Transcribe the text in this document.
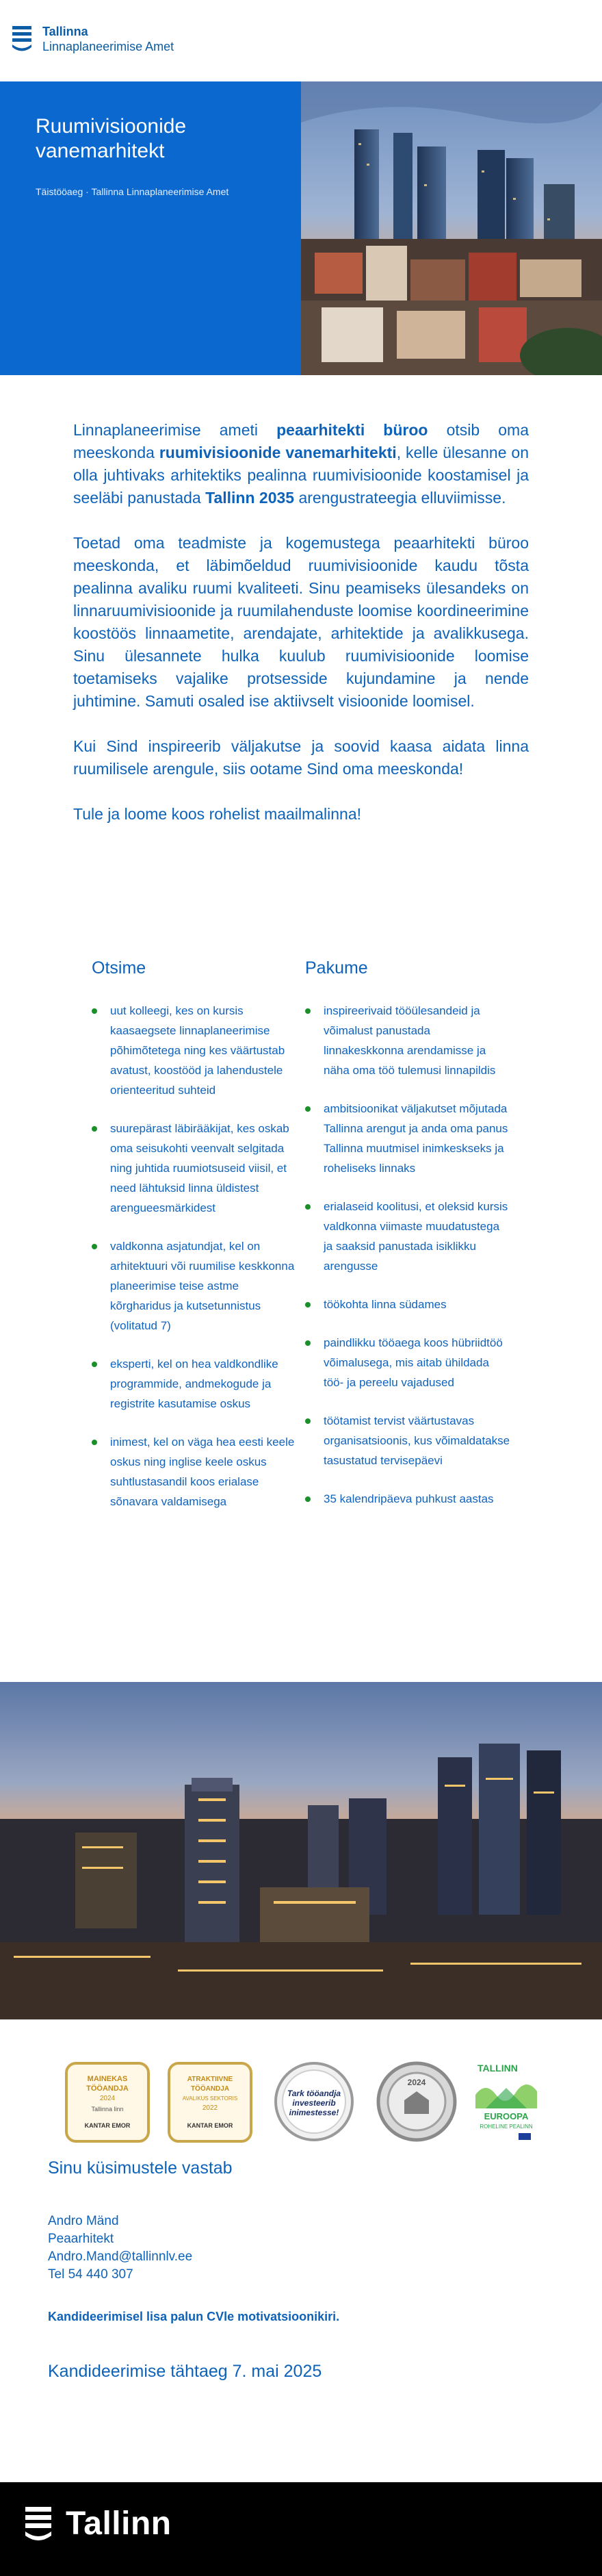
Tallinna
Linnaplaneerimise Amet
Ruumivisioonide vanemarhitekt
Täistööaeg · Tallinna Linnaplaneerimise Amet

Linnaplaneerimise ameti peaarhitekti büroo otsib oma meeskonda ruumivisioonide vanemarhitekti, kelle ülesanne on olla juhtivaks arhitektiks pealinna ruumivisioonide koostamisel ja seeläbi panustada Tallinn 2035 arengustrateegia elluviimisse.

Toetad oma teadmiste ja kogemustega peaarhitekti büroo meeskonda, et läbimõeldud ruumivisioonide kaudu tõsta pealinna avaliku ruumi kvaliteeti. Sinu peamiseks ülesandeks on linnaruumivisioonide ja ruumilahenduste loomise koordineerimine koostöös linnaametite, arendajate, arhitektide ja avalikkusega. Sinu ülesannete hulka kuulub ruumivisioonide loomise toetamiseks vajalike protsesside kujundamine ja nende juhtimine. Samuti osaled ise aktiivselt visioonide loomisel.

Kui Sind inspireerib väljakutse ja soovid kaasa aidata linna ruumilisele arengule, siis ootame Sind oma meeskonda!

Tule ja loome koos rohelist maailmalinna!

Otsime
uut kolleegi, kes on kursis kaasaegsete linnaplaneerimise põhimõtetega ning kes väärtustab avatust, koostööd ja lahendustele orienteeritud suhteid
suurepärast läbirääkijat, kes oskab oma seisukohti veenvalt selgitada ning juhtida ruumiotsuseid viisil, et need lähtuksid linna üldistest arengueesmärkidest
valdkonna asjatundjat, kel on arhitektuuri või ruumilise keskkonna planeerimise teise astme kõrgharidus ja kutsetunnistus (volitatud 7)
eksperti, kel on hea valdkondlike programmide, andmekogude ja registrite kasutamise oskus
inimest, kel on väga hea eesti keele oskus ning inglise keele oskus suhtlustasandil koos erialase sõnavara valdamisega
Pakume
inspireerivaid tööülesandeid ja võimalust panustada linnakeskkonna arendamisse ja näha oma töö tulemusi linnapildis
ambitsioonikat väljakutset mõjutada Tallinna arengut ja anda oma panus Tallinna muutmisel inimkeskseks ja roheliseks linnaks
erialaseid koolitusi, et oleksid kursis valdkonna viimaste muudatustega ja saaksid panustada isiklikku arengusse
töökohta linna südames
paindlikku tööaega koos hübriidtöö võimalusega, mis aitab ühildada töö- ja pereelu vajadused
töötamist tervist väärtustavas organisatsioonis, kus võimaldatakse tasustatud tervisepäevi
35 kalendripäeva puhkust aastas
MAINEKAS
TÖÖANDJA
2024
Tallinna linn
KANTAR EMOR
ATRAKTIIVNE
TÖÖANDJA
AVALIKUS SEKTORIS
2022
KANTAR EMOR
Tark tööandja
investeerib
inimestesse!
2024
TALLINN
EUROOPA
ROHELINE PEALINN
Sinu küsimustele vastab
Andro Mänd
Peaarhitekt
Andro.Mand@tallinnlv.ee
Tel 54 440 307
Kandideerimisel lisa palun CVle motivatsioonikiri.
Kandideerimise tähtaeg 7. mai 2025
Tallinn
